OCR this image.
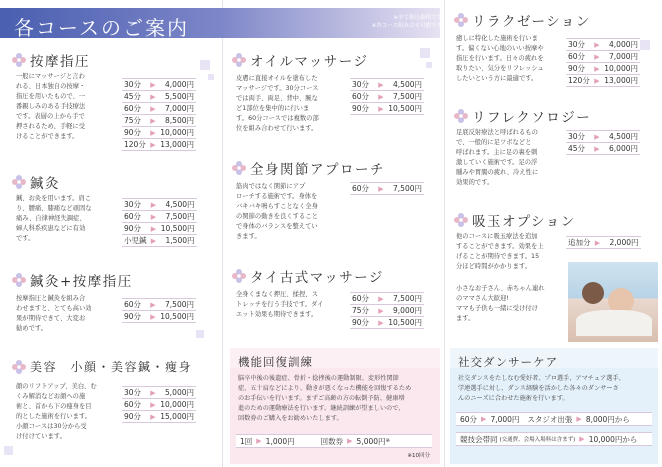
各コースのご案内	※全て税込価格です
※各コース組み合せ可能です
按摩指圧
一般にマッサージと言わ
れる、日本独自の按摩・
指圧を用いたもので、一
番親しみのある手技療法
です。表層の上から手で
押されるため、手軽に受
けることができます。
30分	▶	4,000円
45分	▶	5,500円
60分	▶	7,000円
75分	▶	8,500円
90分	▶	10,000円
120分	▶	13,000円
鍼灸
鍼、お灸を用います。肩こ
り、腰痛、膝痛など頑固な
痛み、自律神経失調症、
婦人科系疾患などに有効
です。
30分	▶	4,500円
60分	▶	7,500円
90分	▶	10,500円
小児鍼	▶	1,500円
鍼灸+按摩指圧
按摩指圧と鍼灸を組み合
わせますと、とても高い効
果が期待できて、大変お
勧めです。
60分	▶	7,500円
90分	▶	10,500円
美容　小顔・美容鍼・痩身
顔のリフトアップ、美白、む
くみ解消などお顔への施
術と、首から下の痩身を目
的とした施術を行います。
小顔コースは30分から受
け付けています。
30分	▶	5,000円
60分	▶	10,000円
90分	▶	15,000円
オイルマッサージ
皮膚に直接オイルを塗布した
マッサージです。30分コース
では両手、両足、背中、腕な
ど1部位を集中的に行いま
す。60分コースでは複数の部
位を組み合わせて行います。
30分	▶	4,500円
60分	▶	7,500円
90分	▶	10,500円
全身関節アプローチ
筋肉ではなく関節にアプ
ローチする施術です。身体を
バキバキ鳴らすことなく全身
の関節の動きを良くすること
で身体のバランスを整えてい
きます。
60分	▶	7,500円
タイ古式マッサージ
全身くまなく押圧、揉捏、ス
トレッチを行う手技です。ダイ
エット効果も期待できます。
60分	▶	7,500円
75分	▶	9,000円
90分	▶	10,500円
機能回復訓練
脳卒中後の後遺症、骨折・捻挫後の運動制限、変形性関節
症、五十肩などにより、動きが悪くなった機能を回復するため
のお手伝いを行います。まずご高齢の方の転倒予防、健康増
進のための運動療法を行います。継続訓練が望ましいので、
回数券のご購入をお勧めいたします。
1回 ▶ 1,000円	回数券 ▶ 5,000円 ※
※10回分
リラクゼーション
癒しに特化した施術を行いま
す。偏くない心地のいい按摩や
指圧を行います。日々の疲れを
取りたい、気分をリフレッシュ
したいという方に最適です。
30分	▶	4,000円
60分	▶	7,000円
90分	▶	10,000円
120分	▶	13,000円
リフレクソロジー
足底反射療法と呼ばれるもの
で、一般的に足ツボなどと
呼ばれます。主に足の裏を刺
激していく施術です。足の浮
腫みや胃腸の疲れ、冷え性に
効果的です。
30分	▶	4,500円
45分	▶	6,000円
吸玉オプション
他のコースに吸玉療法を追加
することができます。効果を上
げることが期待できます。15
分ほど時間がかかります。
追加分	▶	2,000円
小さなお子さん、赤ちゃん連れ
のママさん大歓迎!
ママも子供も一緒に受け付け
ます。
社交ダンサーケア
社交ダンスをたしなむ愛好者、プロ選手、アマチュア選手、
学連選手に対し、ダンス経験を活かした各々のダンサーさ
んのニーズに合わせた施術を行います。
60分 ▶ 7,000円 スタジオ出張 ▶ 8,000円から
競技会帯同 (交通費、会場入場料は含まず) ▶ 10,000円から
